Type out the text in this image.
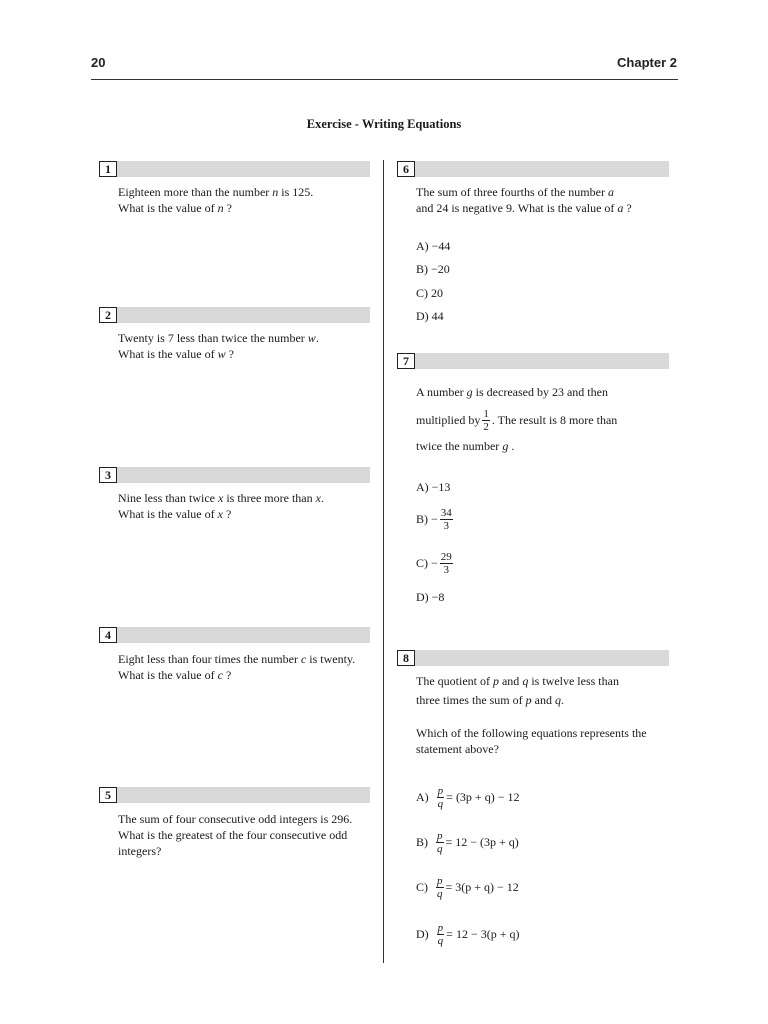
20	Chapter 2
Exercise - Writing Equations
1
Eighteen more than the number n is 125.
What is the value of n ?
2
Twenty is 7 less than twice the number w.
What is the value of w ?
3
Nine less than twice x is three more than x.
What is the value of x ?
4
Eight less than four times the number c is twenty.
What is the value of c ?
5
The sum of four consecutive odd integers is 296.
What is the greatest of the four consecutive odd
integers?
6
The sum of three fourths of the number a
and 24 is negative 9. What is the value of a ?
A) −44
B) −20
C) 20
D) 44
7
A number g is decreased by 23 and then
multiplied by $\frac{1}{2}$ . The result is 8 more than
twice the number g .
A) −13
$B) - \frac{34}{3}$
$C) - \frac{29}{3}$
D) −8
8
The quotient of p and q is twelve less than
three times the sum of p and q.
Which of the following equations represents the
statement above?
$A) \frac{p}{q} = (3p + q) - 12$
$B) \frac{p}{q} = 12 - (3p + q)$
$C) \frac{p}{q} = 3(p + q) - 12$
$D) \frac{p}{q} = 12 - 3(p + q)$
